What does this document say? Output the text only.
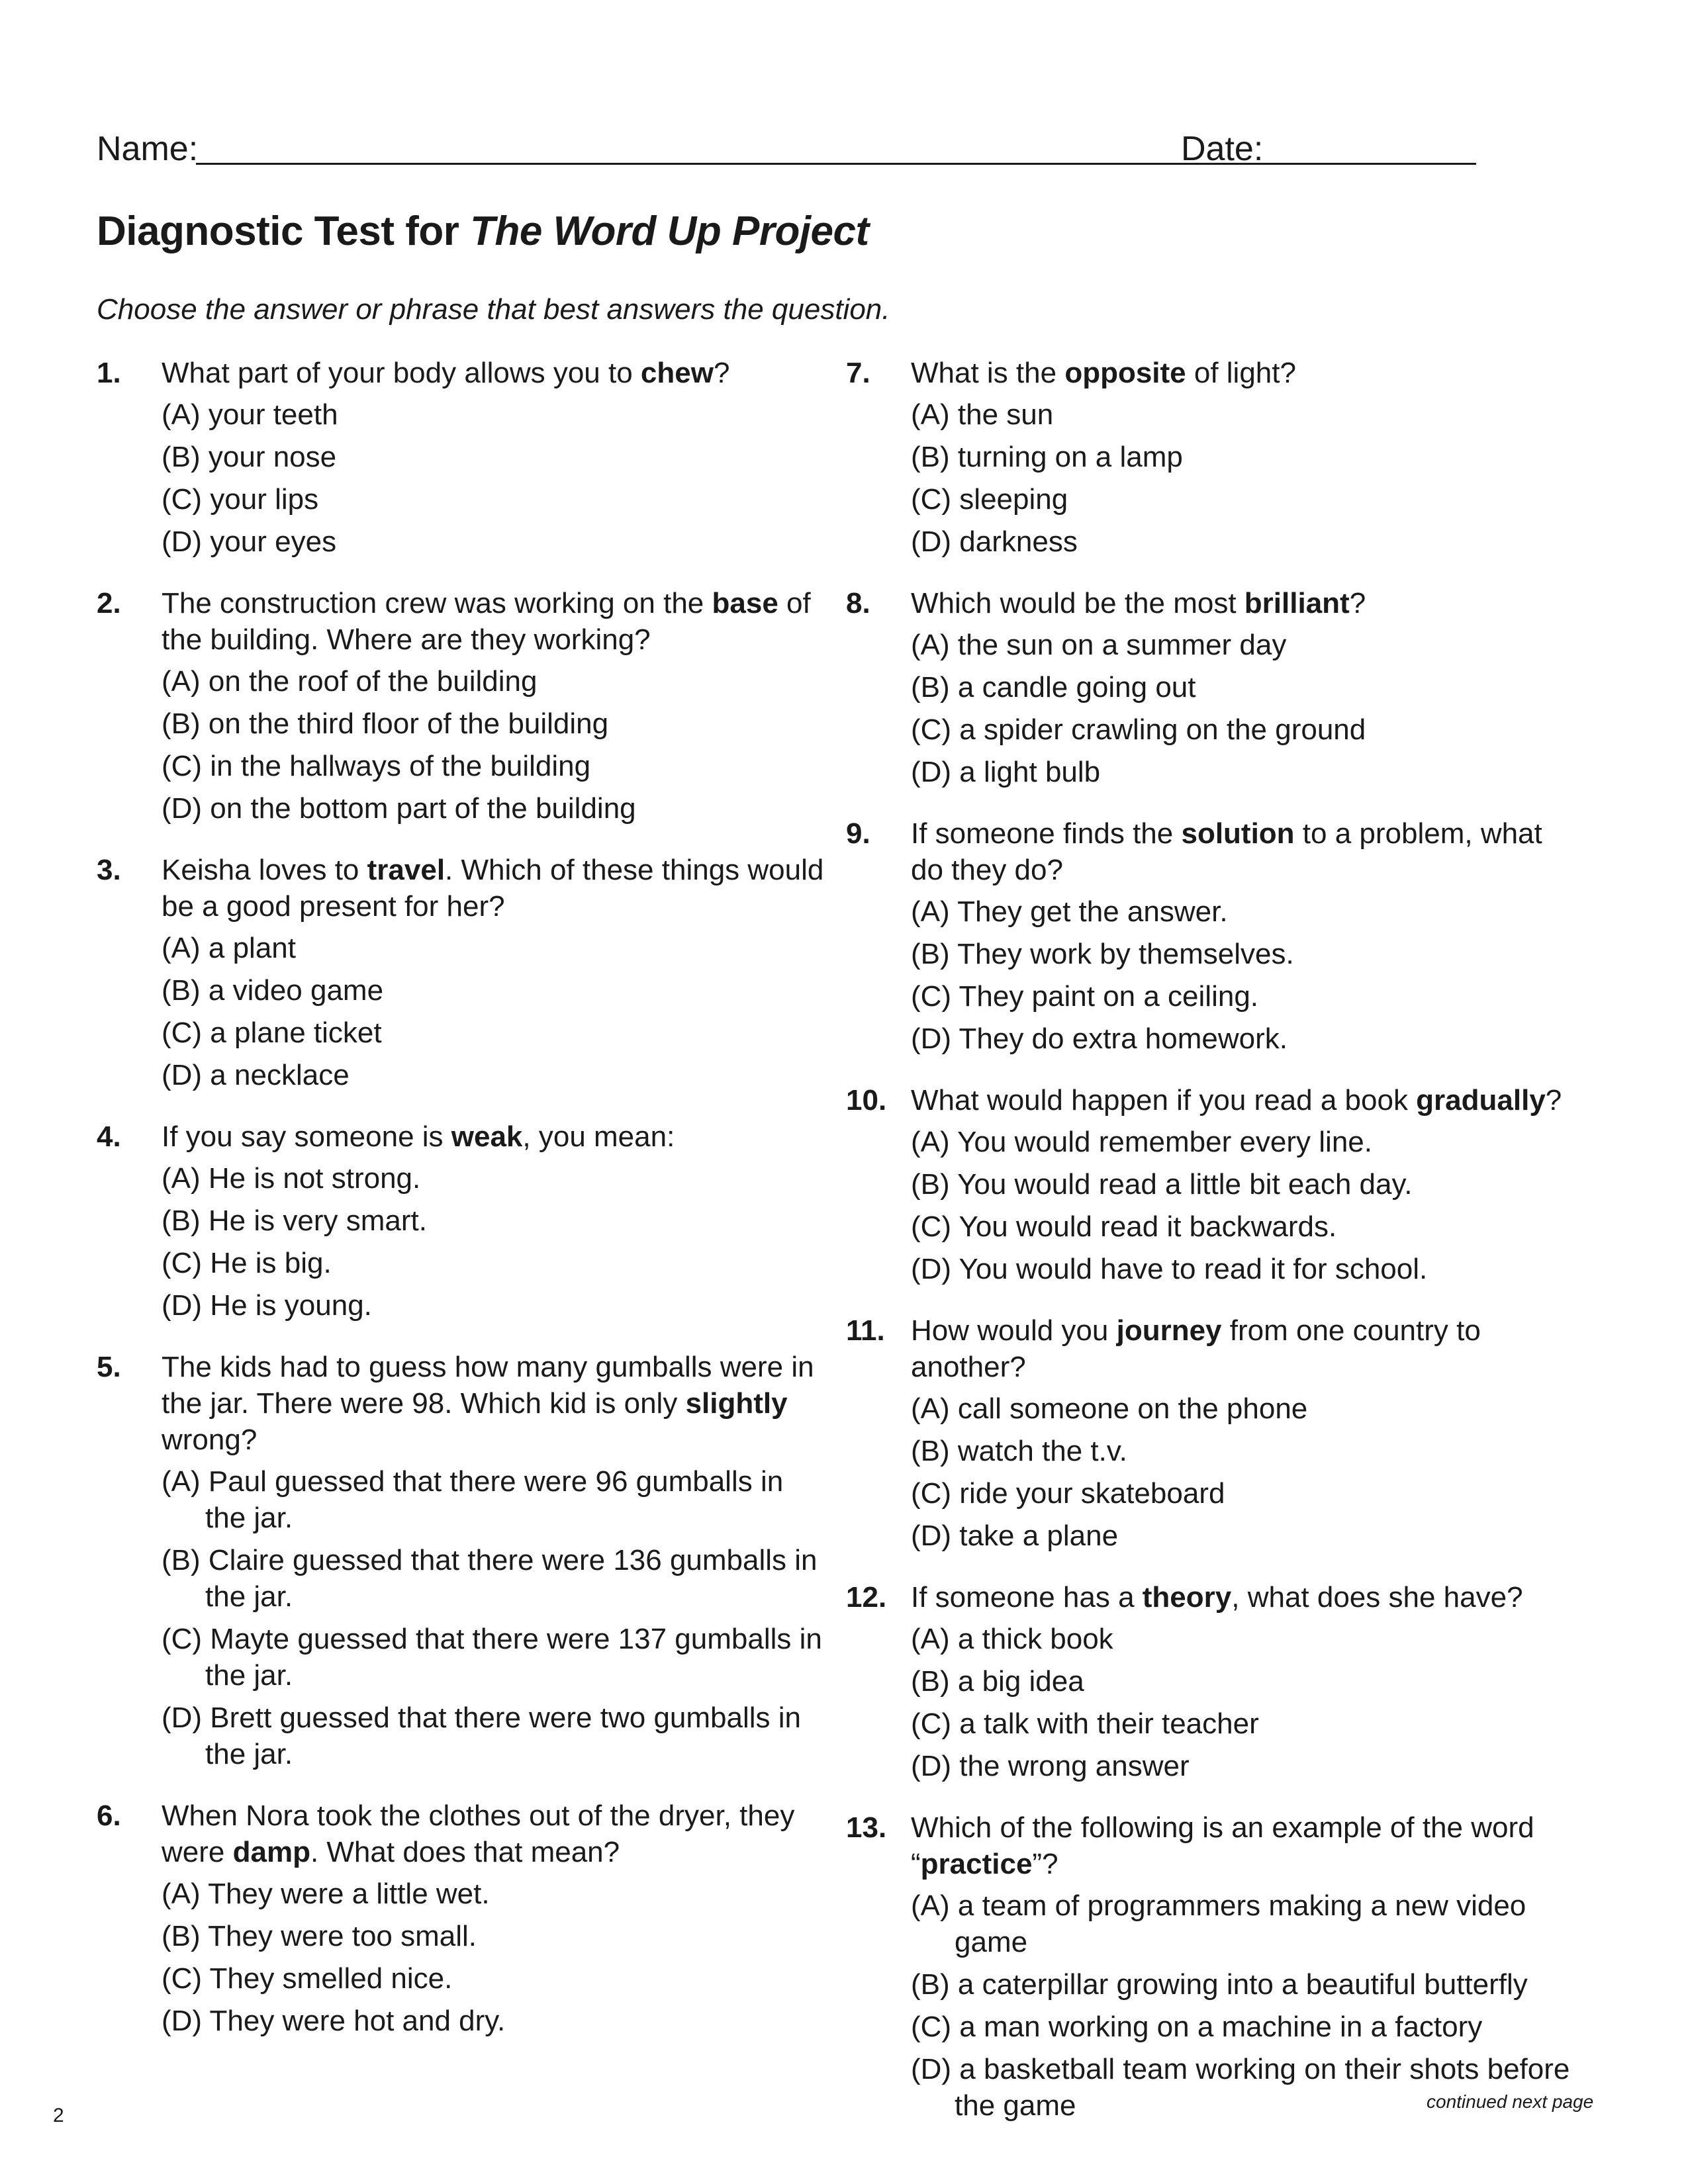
Name:	Date:
Diagnostic Test for The Word Up Project
Choose the answer or phrase that best answers the question.
1. What part of your body allows you to chew?
(A) your teeth
(B) your nose
(C) your lips
(D) your eyes
2. The construction crew was working on the base of the building. Where are they working?
(A) on the roof of the building
(B) on the third floor of the building
(C) in the hallways of the building
(D) on the bottom part of the building
3. Keisha loves to travel. Which of these things would be a good present for her?
(A) a plant
(B) a video game
(C) a plane ticket
(D) a necklace
4. If you say someone is weak, you mean:
(A) He is not strong.
(B) He is very smart.
(C) He is big.
(D) He is young.
5. The kids had to guess how many gumballs were in the jar. There were 98. Which kid is only slightly wrong?
(A) Paul guessed that there were 96 gumballs in the jar.
(B) Claire guessed that there were 136 gumballs in the jar.
(C) Mayte guessed that there were 137 gumballs in the jar.
(D) Brett guessed that there were two gumballs in the jar.
6. When Nora took the clothes out of the dryer, they were damp. What does that mean?
(A) They were a little wet.
(B) They were too small.
(C) They smelled nice.
(D) They were hot and dry.
7. What is the opposite of light?
(A) the sun
(B) turning on a lamp
(C) sleeping
(D) darkness
8. Which would be the most brilliant?
(A) the sun on a summer day
(B) a candle going out
(C) a spider crawling on the ground
(D) a light bulb
9. If someone finds the solution to a problem, what do they do?
(A) They get the answer.
(B) They work by themselves.
(C) They paint on a ceiling.
(D) They do extra homework.
10. What would happen if you read a book gradually?
(A) You would remember every line.
(B) You would read a little bit each day.
(C) You would read it backwards.
(D) You would have to read it for school.
11. How would you journey from one country to another?
(A) call someone on the phone
(B) watch the t.v.
(C) ride your skateboard
(D) take a plane
12. If someone has a theory, what does she have?
(A) a thick book
(B) a big idea
(C) a talk with their teacher
(D) the wrong answer
13. Which of the following is an example of the word “practice”?
(A) a team of programmers making a new video game
(B) a caterpillar growing into a beautiful butterfly
(C) a man working on a machine in a factory
(D) a basketball team working on their shots before the game
2
continued next page
